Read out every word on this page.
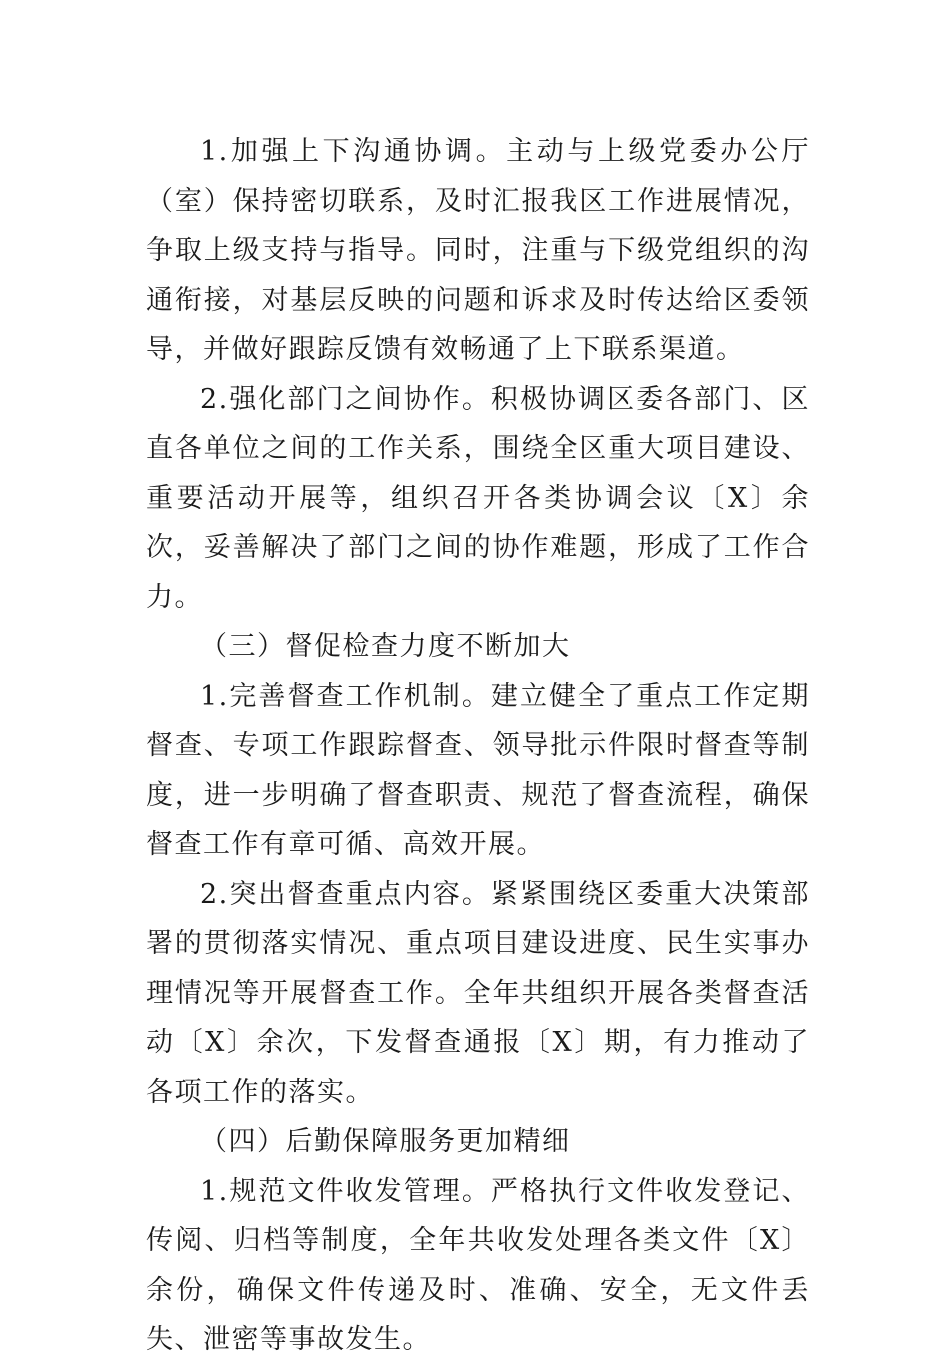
1.加强上下沟通协调。主动与上级党委办公厅（室）保持密切联系，及时汇报我区工作进展情况，争取上级支持与指导。同时，注重与下级党组织的沟通衔接，对基层反映的问题和诉求及时传达给区委领导，并做好跟踪反馈有效畅通了上下联系渠道。

2.强化部门之间协作。积极协调区委各部门、区直各单位之间的工作关系，围绕全区重大项目建设、重要活动开展等，组织召开各类协调会议〔X〕余次，妥善解决了部门之间的协作难题，形成了工作合力。

（三）督促检查力度不断加大

1.完善督查工作机制。建立健全了重点工作定期督查、专项工作跟踪督查、领导批示件限时督查等制度，进一步明确了督查职责、规范了督查流程，确保督查工作有章可循、高效开展。

2.突出督查重点内容。紧紧围绕区委重大决策部署的贯彻落实情况、重点项目建设进度、民生实事办理情况等开展督查工作。全年共组织开展各类督查活动〔X〕余次，下发督查通报〔X〕期，有力推动了各项工作的落实。

（四）后勤保障服务更加精细

1.规范文件收发管理。严格执行文件收发登记、传阅、归档等制度，全年共收发处理各类文件〔X〕余份，确保文件传递及时、准确、安全，无文件丢失、泄密等事故发生。
